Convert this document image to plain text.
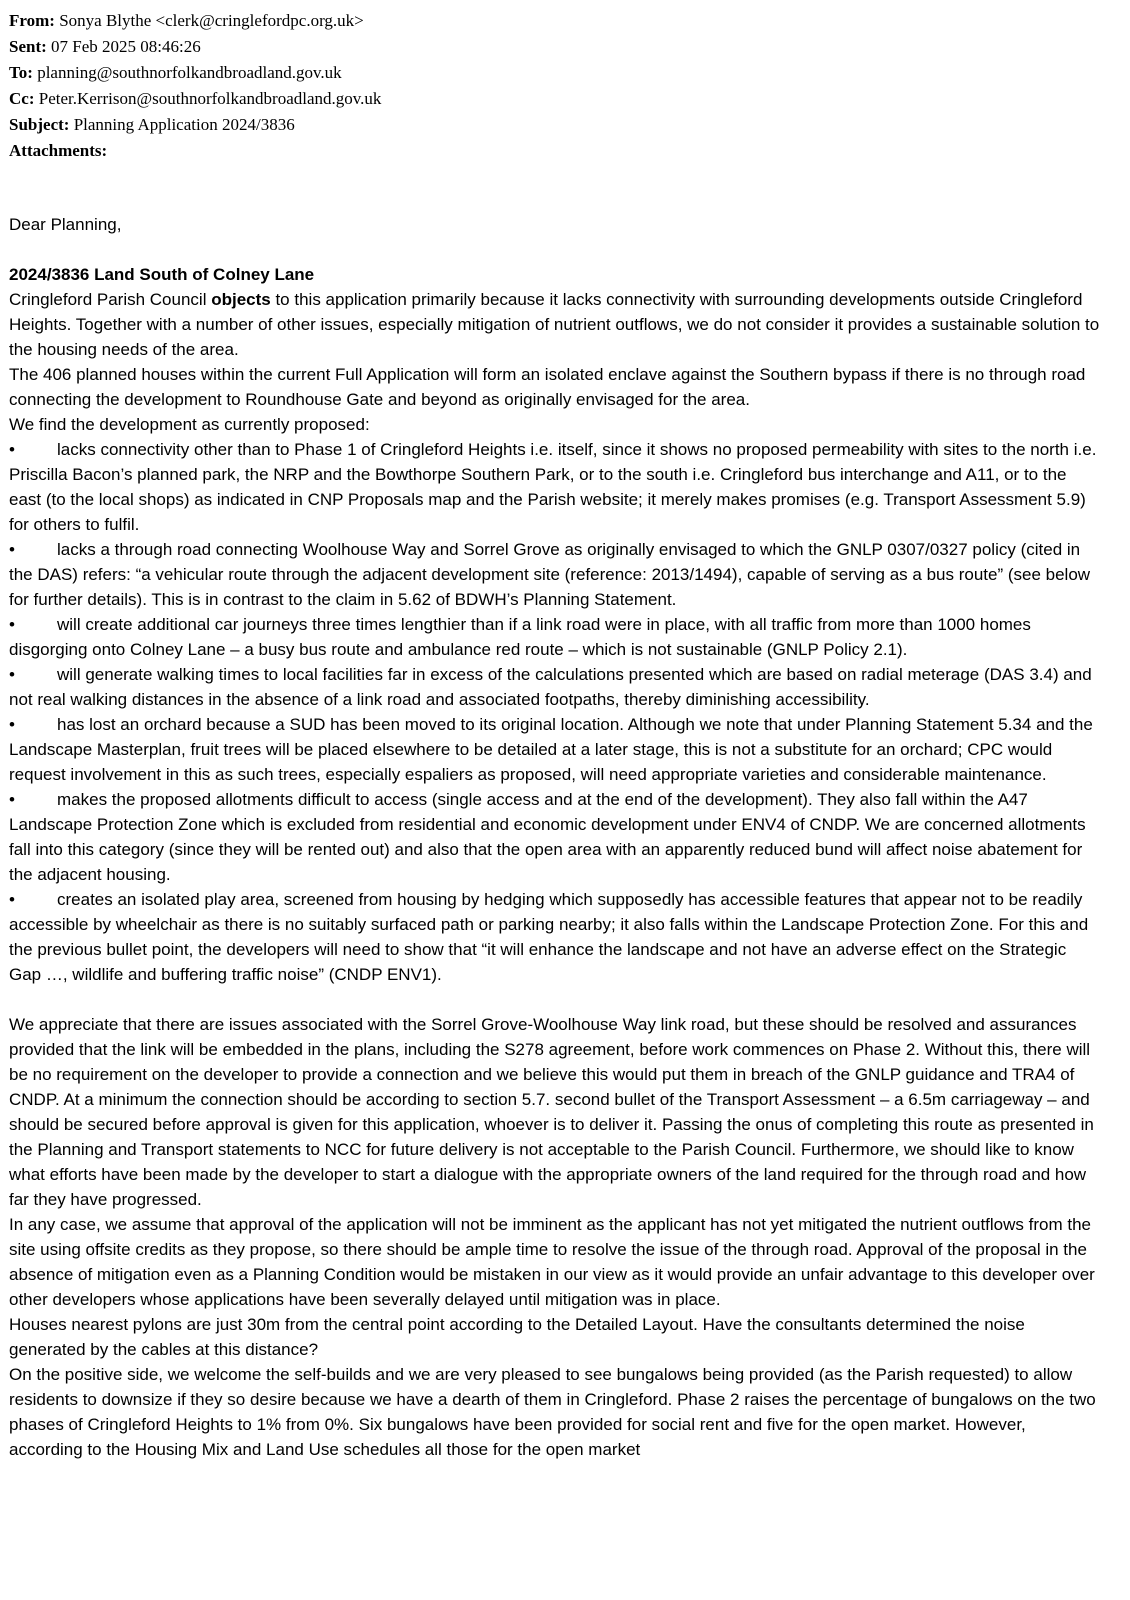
From: Sonya Blythe <clerk@cringlefordpc.org.uk>
Sent: 07 Feb 2025 08:46:26
To: planning@southnorfolkandbroadland.gov.uk
Cc: Peter.Kerrison@southnorfolkandbroadland.gov.uk
Subject: Planning Application 2024/3836
Attachments:

Dear Planning,

2024/3836 Land South of Colney Lane

Cringleford Parish Council objects to this application primarily because it lacks connectivity with surrounding developments outside Cringleford Heights. Together with a number of other issues, especially mitigation of nutrient outflows, we do not consider it provides a sustainable solution to the housing needs of the area.

The 406 planned houses within the current Full Application will form an isolated enclave against the Southern bypass if there is no through road connecting the development to Roundhouse Gate and beyond as originally envisaged for the area.

We find the development as currently proposed:

• lacks connectivity other than to Phase 1 of Cringleford Heights i.e. itself, since it shows no proposed permeability with sites to the north i.e. Priscilla Bacon’s planned park, the NRP and the Bowthorpe Southern Park, or to the south i.e. Cringleford bus interchange and A11, or to the east (to the local shops) as indicated in CNP Proposals map and the Parish website; it merely makes promises (e.g. Transport Assessment 5.9) for others to fulfil.

• lacks a through road connecting Woolhouse Way and Sorrel Grove as originally envisaged to which the GNLP 0307/0327 policy (cited in the DAS) refers: “a vehicular route through the adjacent development site (reference: 2013/1494), capable of serving as a bus route” (see below for further details). This is in contrast to the claim in 5.62 of BDWH’s Planning Statement.

• will create additional car journeys three times lengthier than if a link road were in place, with all traffic from more than 1000 homes disgorging onto Colney Lane – a busy bus route and ambulance red route – which is not sustainable (GNLP Policy 2.1).

• will generate walking times to local facilities far in excess of the calculations presented which are based on radial meterage (DAS 3.4) and not real walking distances in the absence of a link road and associated footpaths, thereby diminishing accessibility.

• has lost an orchard because a SUD has been moved to its original location. Although we note that under Planning Statement 5.34 and the Landscape Masterplan, fruit trees will be placed elsewhere to be detailed at a later stage, this is not a substitute for an orchard; CPC would request involvement in this as such trees, especially espaliers as proposed, will need appropriate varieties and considerable maintenance.

• makes the proposed allotments difficult to access (single access and at the end of the development). They also fall within the A47 Landscape Protection Zone which is excluded from residential and economic development under ENV4 of CNDP. We are concerned allotments fall into this category (since they will be rented out) and also that the open area with an apparently reduced bund will affect noise abatement for the adjacent housing.

• creates an isolated play area, screened from housing by hedging which supposedly has accessible features that appear not to be readily accessible by wheelchair as there is no suitably surfaced path or parking nearby; it also falls within the Landscape Protection Zone. For this and the previous bullet point, the developers will need to show that “it will enhance the landscape and not have an adverse effect on the Strategic Gap …, wildlife and buffering traffic noise” (CNDP ENV1).

We appreciate that there are issues associated with the Sorrel Grove-Woolhouse Way link road, but these should be resolved and assurances provided that the link will be embedded in the plans, including the S278 agreement, before work commences on Phase 2. Without this, there will be no requirement on the developer to provide a connection and we believe this would put them in breach of the GNLP guidance and TRA4 of CNDP. At a minimum the connection should be according to section 5.7. second bullet of the Transport Assessment – a 6.5m carriageway – and should be secured before approval is given for this application, whoever is to deliver it. Passing the onus of completing this route as presented in the Planning and Transport statements to NCC for future delivery is not acceptable to the Parish Council. Furthermore, we should like to know what efforts have been made by the developer to start a dialogue with the appropriate owners of the land required for the through road and how far they have progressed.

In any case, we assume that approval of the application will not be imminent as the applicant has not yet mitigated the nutrient outflows from the site using offsite credits as they propose, so there should be ample time to resolve the issue of the through road. Approval of the proposal in the absence of mitigation even as a Planning Condition would be mistaken in our view as it would provide an unfair advantage to this developer over other developers whose applications have been severally delayed until mitigation was in place.

Houses nearest pylons are just 30m from the central point according to the Detailed Layout. Have the consultants determined the noise generated by the cables at this distance?

On the positive side, we welcome the self-builds and we are very pleased to see bungalows being provided (as the Parish requested) to allow residents to downsize if they so desire because we have a dearth of them in Cringleford. Phase 2 raises the percentage of bungalows on the two phases of Cringleford Heights to 1% from 0%. Six bungalows have been provided for social rent and five for the open market. However, according to the Housing Mix and Land Use schedules all those for the open market
